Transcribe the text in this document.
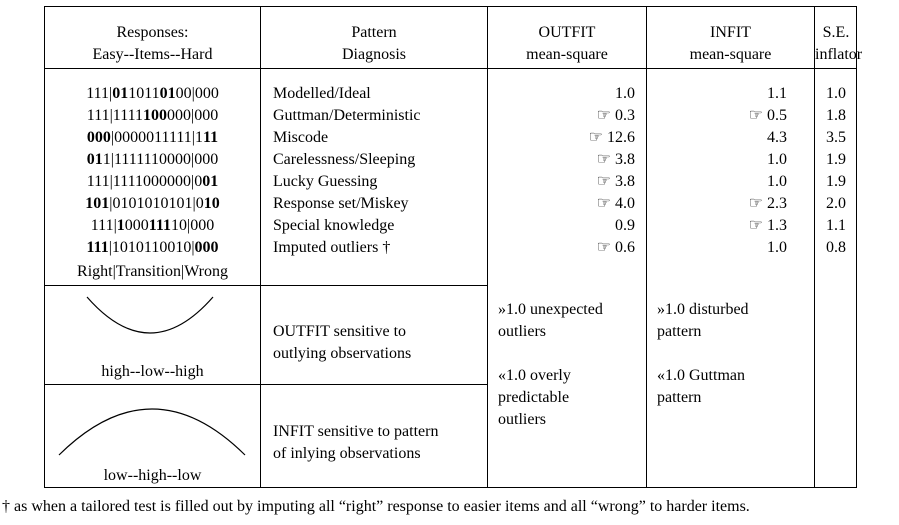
Responses:
Easy--Items--Hard
Pattern
Diagnosis
OUTFIT
mean-square
INFIT
mean-square
S.E.
inflator
111|0110110100|000
111|1111100000|000
000|0000011111|111
011|1111110000|000
111|1111000000|001
101|0101010101|010
111|100011110|000
111|1010110010|000
Right|Transition|Wrong
Modelled/Ideal
Guttman/Deterministic
Miscode
Carelessness/Sleeping
Lucky Guessing
Response set/Miskey
Special knowledge
Imputed outliers †
1.0
☞ 0.3
☞ 12.6
☞ 3.8
☞ 3.8
☞ 4.0
0.9
☞ 0.6
1.1
☞ 0.5
4.3
1.0
1.0
☞ 2.3
☞ 1.3
1.0
1.0
1.8
3.5
1.9
1.9
2.0
1.1
0.8
high--low--high
low--high--low
OUTFIT sensitive to
outlying observations
INFIT sensitive to pattern
of inlying observations
»1.0 unexpected
outliers
«1.0 overly
predictable
outliers
»1.0 disturbed
pattern
«1.0 Guttman
pattern
† as when a tailored test is filled out by imputing all “right” response to easier items and all “wrong” to harder items.
